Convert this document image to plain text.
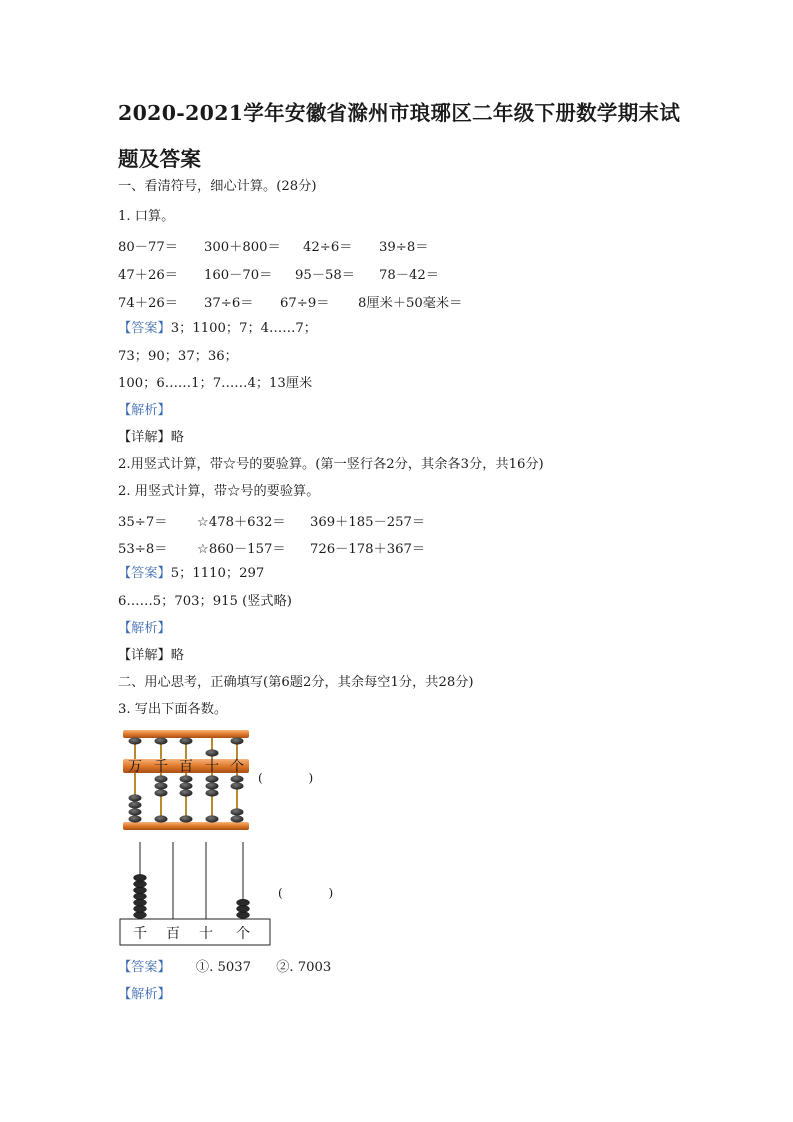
2020-2021学年安徽省滁州市琅琊区二年级下册数学期末试
题及答案
一、看清符号，细心计算。(28分)
1. 口算。
80－77＝ 300＋800＝ 42÷6＝ 39÷8＝
47＋26＝ 160－70＝ 95－58＝ 78－42＝
74＋26＝ 37÷6＝ 67÷9＝ 8厘米＋50毫米＝
【答案】3；1100；7；4……7；
73；90；37；36；
100；6……1；7……4；13厘米
【解析】
【详解】略
2.用竖式计算，带☆号的要验算。(第一竖行各2分，其余各3分，共16分)
2. 用竖式计算，带☆号的要验算。
35÷7＝ ☆478＋632＝ 369＋185－257＝
53÷8＝ ☆860－157＝ 726－178＋367＝
【答案】5；1110；297
6……5；703；915 (竖式略)
【解析】
【详解】略
二、用心思考，正确填写(第6题2分，其余每空1分，共28分)
3. 写出下面各数。
万 千 百 十 个
(            )
千 百 十 个
(            )
【答案】 ①. 5037      ②. 7003
【解析】
